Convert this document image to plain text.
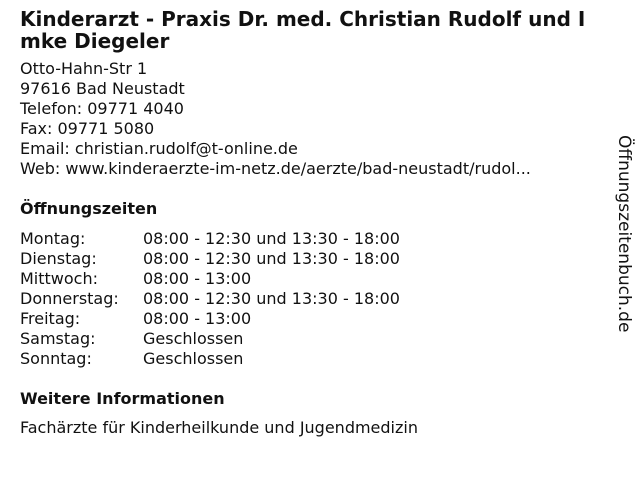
Kinderarzt - Praxis Dr. med. Christian Rudolf und Imke Diegeler
Otto-Hahn-Str 1
97616 Bad Neustadt
Telefon: 09771 4040
Fax: 09771 5080
Email: christian.rudolf@t-online.de
Web: www.kinderaerzte-im-netz.de/aerzte/bad-neustadt/rudol...
Öffnungszeiten
Montag:	08:00 - 12:30 und 13:30 - 18:00
Dienstag:	08:00 - 12:30 und 13:30 - 18:00
Mittwoch:	08:00 - 13:00
Donnerstag:	08:00 - 12:30 und 13:30 - 18:00
Freitag:	08:00 - 13:00
Samstag:	Geschlossen
Sonntag:	Geschlossen
Weitere Informationen
Fachärzte für Kinderheilkunde und Jugendmedizin
Öffnungszeitenbuch.de
